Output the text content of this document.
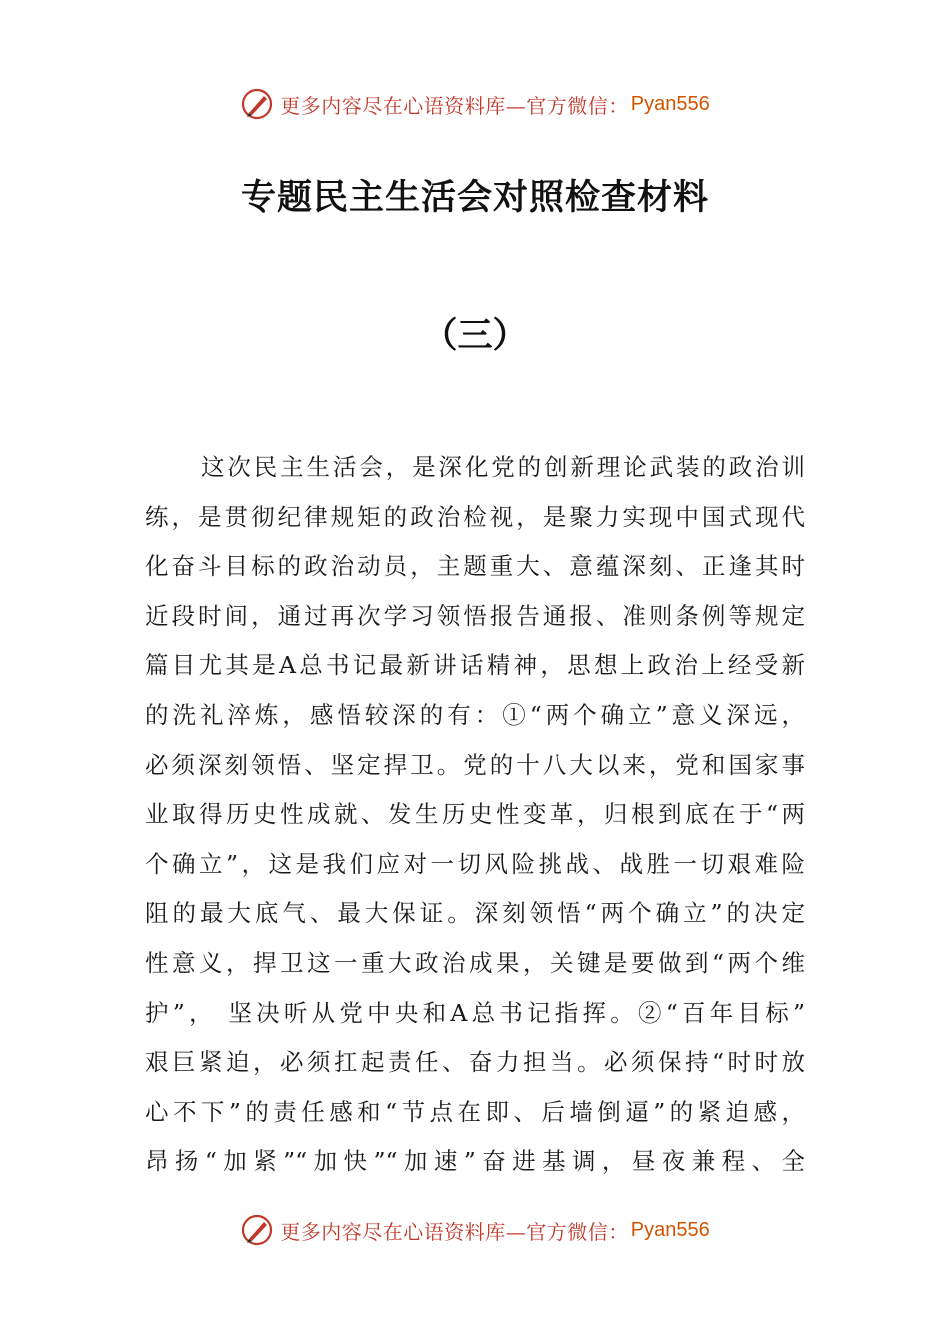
更多内容尽在心语资料库—官方微信： Pyan556
专题民主生活会对照检查材料
（三）
这次民主生活会，是深化党的创新理论武装的政治训
练，是贯彻纪律规矩的政治检视，是聚力实现中国式现代
化奋斗目标的政治动员，主题重大、意蕴深刻、正逢其时
近段时间，通过再次学习领悟报告通报、准则条例等规定
篇目尤其是A总书记最新讲话精神，思想上政治上经受新
的洗礼淬炼，感悟较深的有：①“两个确立”意义深远，
必须深刻领悟、坚定捍卫。党的十八大以来，党和国家事
业取得历史性成就、发生历史性变革，归根到底在于“两
个确立”，这是我们应对一切风险挑战、战胜一切艰难险
阻的最大底气、最大保证。深刻领悟“两个确立”的决定
性意义，捍卫这一重大政治成果，关键是要做到“两个维
护”， 坚决听从党中央和A总书记指挥。②“百年目标”
艰巨紧迫，必须扛起责任、奋力担当。必须保持“时时放
心不下”的责任感和“节点在即、后墙倒逼”的紧迫感，
昂扬“加紧”“加快”“加速”奋进基调，昼夜兼程、全
更多内容尽在心语资料库—官方微信： Pyan556
